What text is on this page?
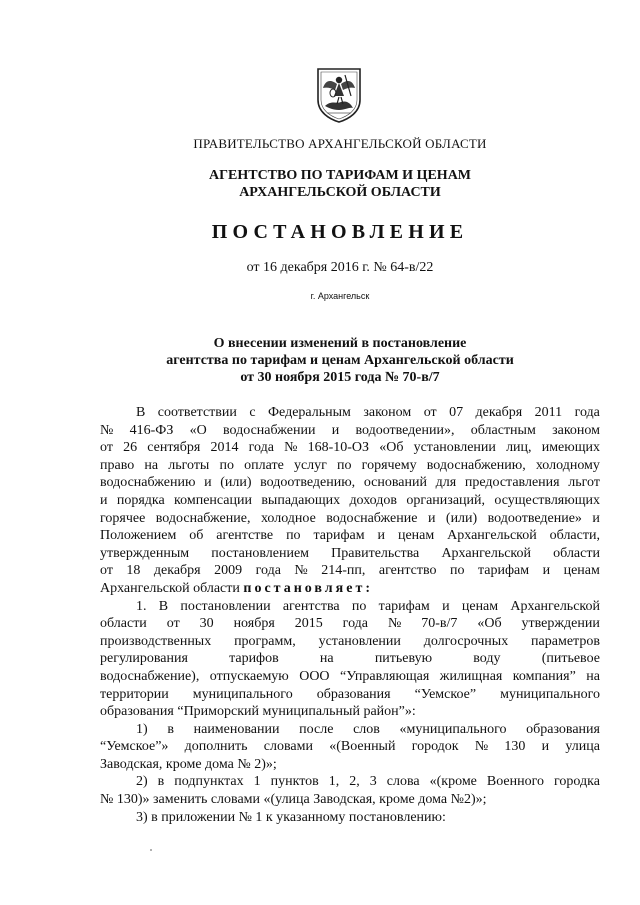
ПРАВИТЕЛЬСТВО АРХАНГЕЛЬСКОЙ ОБЛАСТИ
АГЕНТСТВО ПО ТАРИФАМ И ЦЕНАМ
АРХАНГЕЛЬСКОЙ ОБЛАСТИ
ПОСТАНОВЛЕНИЕ
от 16 декабря 2016 г. № 64-в/22
г. Архангельск
О внесении изменений в постановление
агентства по тарифам и ценам Архангельской области
от 30 ноября 2015 года № 70-в/7
В соответствии с Федеральным законом от 07 декабря 2011 года
№ 416-ФЗ «О водоснабжении и водоотведении», областным законом
от 26 сентября 2014 года № 168-10-ОЗ «Об установлении лиц, имеющих
право на льготы по оплате услуг по горячему водоснабжению, холодному
водоснабжению и (или) водоотведению, оснований для предоставления льгот
и порядка компенсации выпадающих доходов организаций, осуществляющих
горячее водоснабжение, холодное водоснабжение и (или) водоотведение» и
Положением об агентстве по тарифам и ценам Архангельской области,
утвержденным постановлением Правительства Архангельской области
от 18 декабря 2009 года № 214-пп, агентство по тарифам и ценам
Архангельской области постановляет:
1. В постановлении агентства по тарифам и ценам Архангельской
области от 30 ноября 2015 года № 70-в/7 «Об утверждении
производственных программ, установлении долгосрочных параметров
регулирования	тарифов	на	питьевую	воду	(питьевое
водоснабжение), отпускаемую ООО “Управляющая жилищная компания” на
территории муниципального образования “Уемское” муниципального
образования “Приморский муниципальный район”»:
1) в наименовании после слов «муниципального образования
“Уемское”» дополнить словами «(Военный городок № 130 и улица
Заводская, кроме дома № 2)»;
2) в подпунктах 1 пунктов 1, 2, 3 слова «(кроме Военного городка
№ 130)» заменить словами «(улица Заводская, кроме дома №2)»;
3) в приложении № 1 к указанному постановлению:
